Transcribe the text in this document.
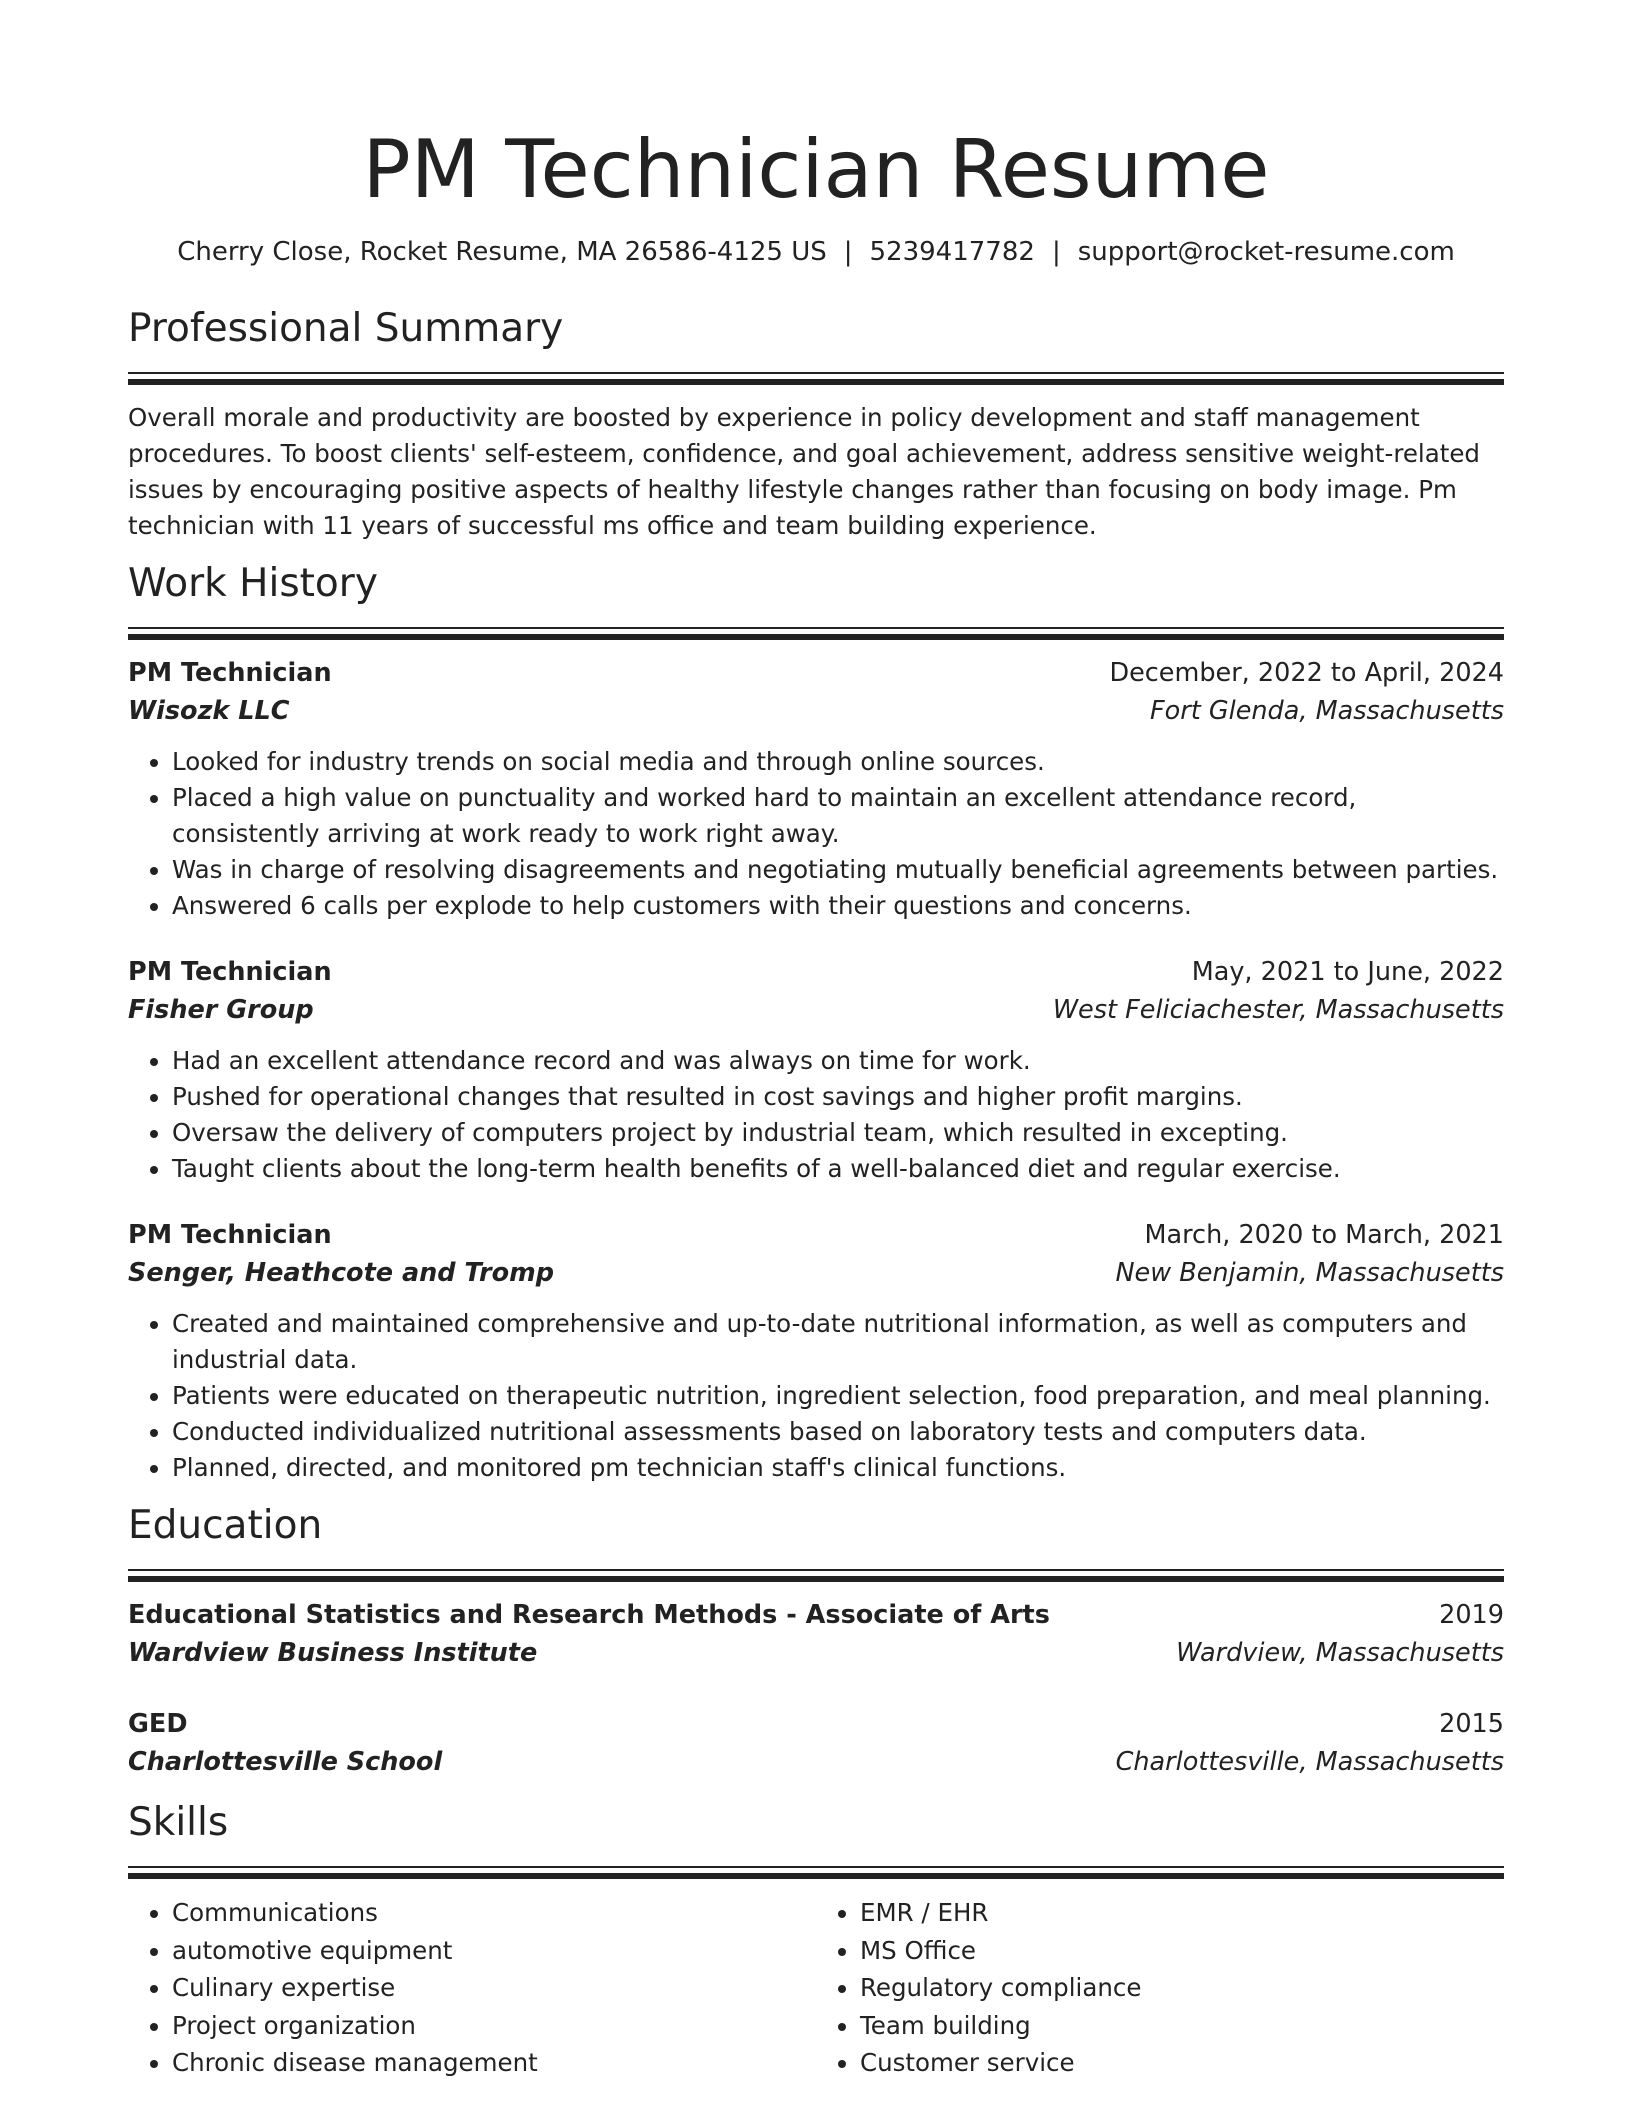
PM Technician Resume
Cherry Close, Rocket Resume, MA 26586-4125 US | 5239417782 | support@rocket-resume.com
Professional Summary

Overall morale and productivity are boosted by experience in policy development and staff management procedures. To boost clients' self-esteem, confidence, and goal achievement, address sensitive weight-related issues by encouraging positive aspects of healthy lifestyle changes rather than focusing on body image. Pm technician with 11 years of successful ms office and team building experience.

Work History
PM Technician	December, 2022 to April, 2024
Wisozk LLC	Fort Glenda, Massachusetts
• Looked for industry trends on social media and through online sources.
• Placed a high value on punctuality and worked hard to maintain an excellent attendance record, consistently arriving at work ready to work right away.
• Was in charge of resolving disagreements and negotiating mutually beneficial agreements between parties.
• Answered 6 calls per explode to help customers with their questions and concerns.
PM Technician	May, 2021 to June, 2022
Fisher Group	West Feliciachester, Massachusetts
• Had an excellent attendance record and was always on time for work.
• Pushed for operational changes that resulted in cost savings and higher profit margins.
• Oversaw the delivery of computers project by industrial team, which resulted in excepting.
• Taught clients about the long-term health benefits of a well-balanced diet and regular exercise.
PM Technician	March, 2020 to March, 2021
Senger, Heathcote and Tromp	New Benjamin, Massachusetts
• Created and maintained comprehensive and up-to-date nutritional information, as well as computers and industrial data.
• Patients were educated on therapeutic nutrition, ingredient selection, food preparation, and meal planning.
• Conducted individualized nutritional assessments based on laboratory tests and computers data.
• Planned, directed, and monitored pm technician staff's clinical functions.
Education
Educational Statistics and Research Methods - Associate of Arts	2019
Wardview Business Institute	Wardview, Massachusetts
GED	2015
Charlottesville School	Charlottesville, Massachusetts
Skills
• Communications
• automotive equipment
• Culinary expertise
• Project organization
• Chronic disease management
• EMR / EHR
• MS Office
• Regulatory compliance
• Team building
• Customer service
